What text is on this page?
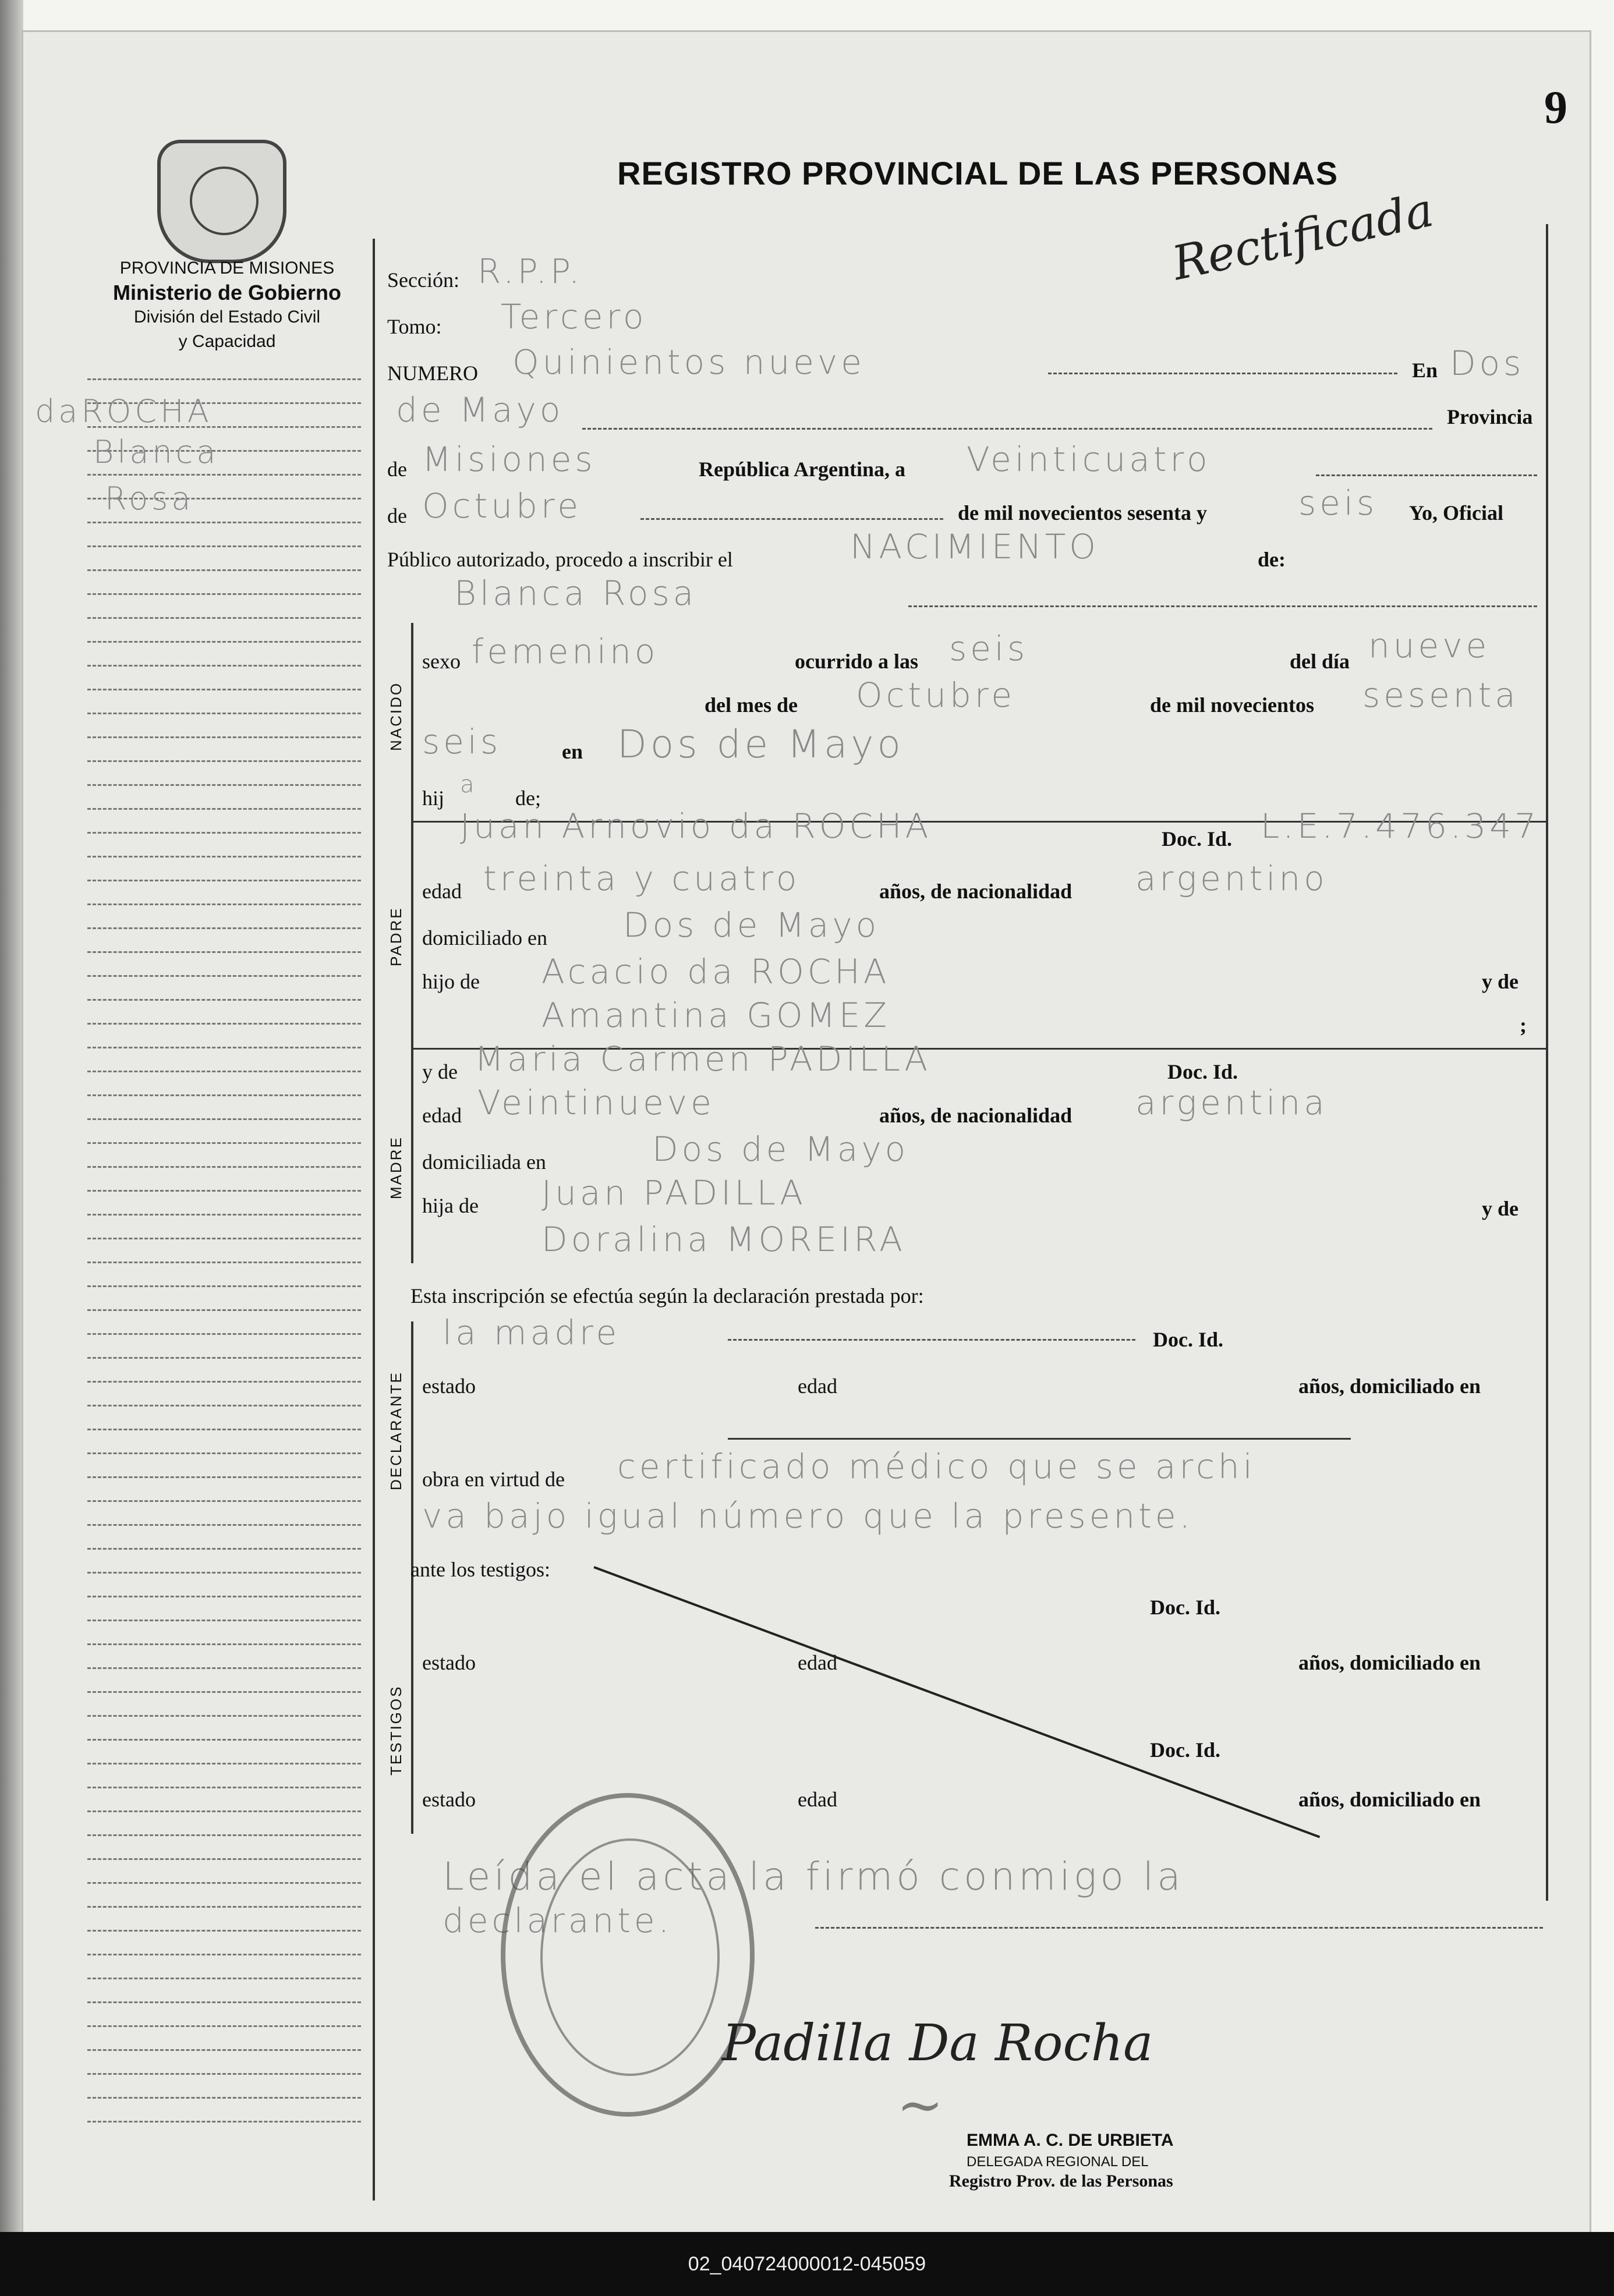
9
REGISTRO PROVINCIAL DE LAS PERSONAS
PROVINCIA DE MISIONES
Ministerio de Gobierno
División del Estado Civil
y Capacidad
Rectificada
daROCHA
Blanca
Rosa
Sección: R.P.P.
Tomo: Tercero
NUMERO Quinientos nueve	En Dos
de Mayo	Provincia
de Misiones	República Argentina, a Veinticuatro
de Octubre	de mil novecientos sesenta y	seis Yo, Oficial
Público autorizado, procedo a inscribir el	NACIMIENTO	de:
Blanca Rosa
NACIDO
sexo femenino	ocurrido a las seis	del día nueve
del mes de Octubre	de mil novecientos sesenta
seis	en Dos de Mayo
hij a de;
PADRE
Juan Arnovio da ROCHA	Doc. Id. L.E.7.476.347
edad treinta y cuatro	años, de nacionalidad argentino
domiciliado en Dos de Mayo
hijo de Acacio da ROCHA	y de
Amantina GOMEZ	;
MADRE
y de Maria Carmen PADILLA	Doc. Id.
edad Veintinueve	años, de nacionalidad argentina
domiciliada en	Dos de Mayo
hija de Juan PADILLA	y de
Doralina MOREIRA
Esta inscripción se efectúa según la declaración prestada por:
DECLARANTE
la madre	Doc. Id.
estado	edad	años, domiciliado en
obra en virtud de certificado médico que se archi
va bajo igual número que la presente.
ante los testigos:
TESTIGOS
Doc. Id.
estado	edad	años, domiciliado en
Doc. Id.
estado	edad	años, domiciliado en
Leída el acta la firmó conmigo la
declarante.
Padilla Da Rocha
~
EMMA A. C. DE URBIETA
DELEGADA REGIONAL DEL
Registro Prov. de las Personas
02_040724000012-045059
